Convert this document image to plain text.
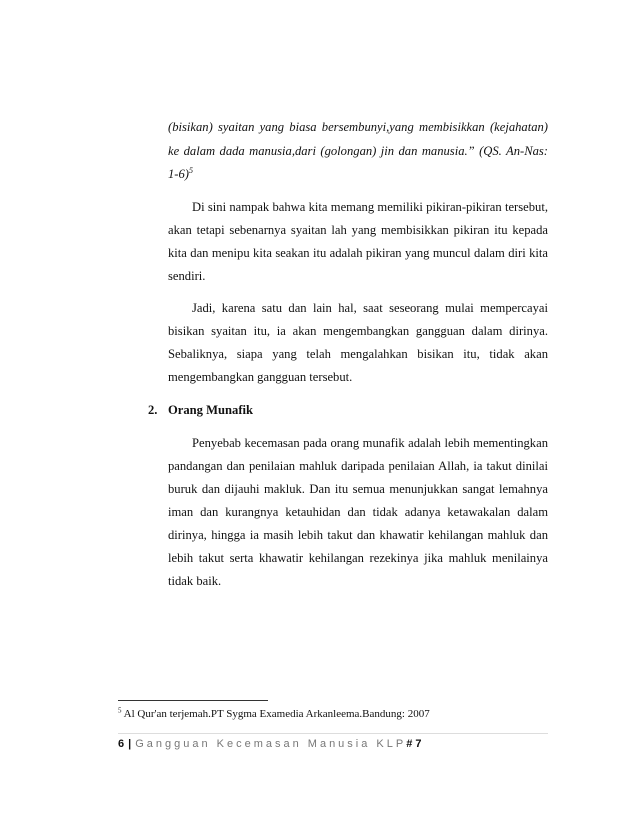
(bisikan) syaitan yang biasa bersembunyi,yang membisikkan (kejahatan)
ke dalam dada manusia,dari (golongan) jin dan manusia.” (QS. An-Nas:
1-6)$^5$
Di sini nampak bahwa kita memang memiliki pikiran-pikiran tersebut,
akan tetapi sebenarnya syaitan lah yang membisikkan pikiran itu kepada
kita dan menipu kita seakan itu adalah pikiran yang muncul dalam diri kita
sendiri.
Jadi, karena satu dan lain hal, saat seseorang mulai mempercayai
bisikan syaitan itu, ia akan mengembangkan gangguan dalam dirinya.
Sebaliknya, siapa yang telah mengalahkan bisikan itu, tidak akan
mengembangkan gangguan tersebut.
2. Orang Munafik
Penyebab kecemasan pada orang munafik adalah lebih mementingkan
pandangan dan penilaian mahluk daripada penilaian Allah, ia takut dinilai
buruk dan dijauhi makluk. Dan itu semua menunjukkan sangat lemahnya
iman dan kurangnya ketauhidan dan tidak adanya ketawakalan dalam
dirinya, hingga ia masih lebih takut dan khawatir kehilangan mahluk dan
lebih takut serta khawatir kehilangan rezekinya jika mahluk menilainya
tidak baik.
$^5$ Al Qur'an terjemah.PT Sygma Examedia Arkanleema.Bandung: 2007
6 | Gangguan Kecemasan Manusia KLP#7
